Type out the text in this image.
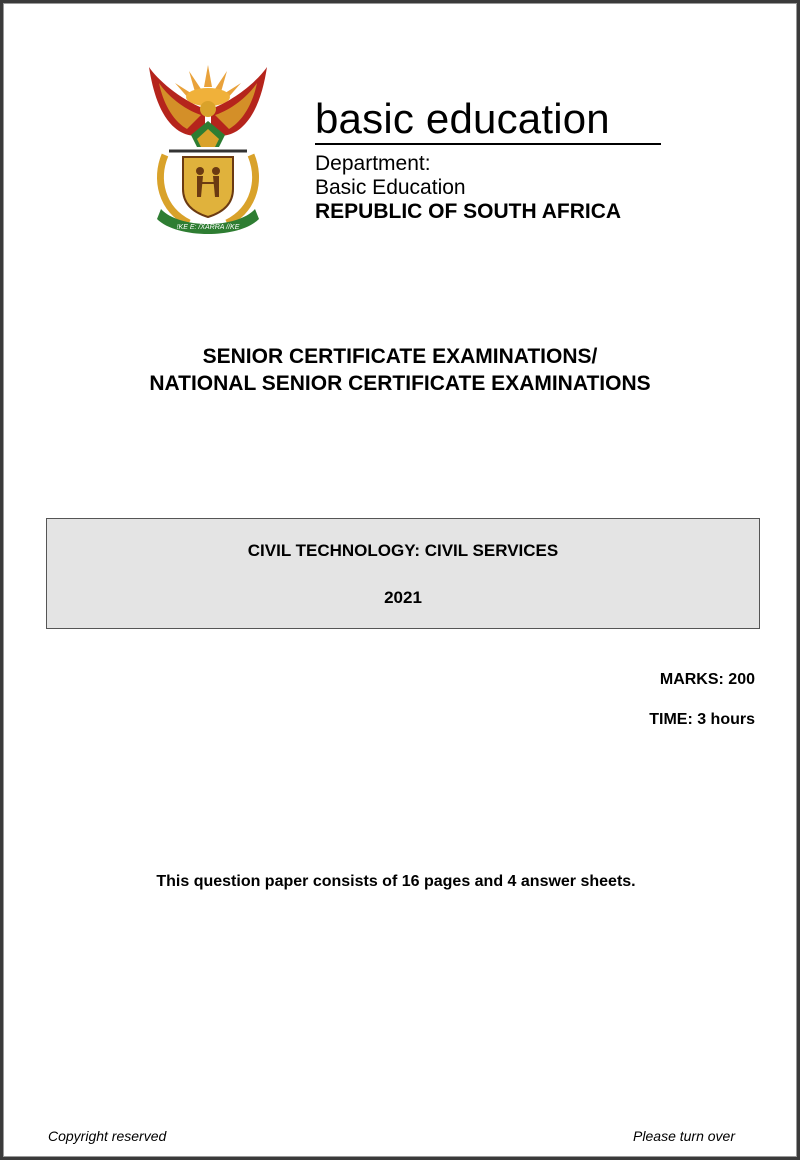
!KE E: /XARRA //KE
basic education
Department:
Basic Education
REPUBLIC OF SOUTH AFRICA
SENIOR CERTIFICATE EXAMINATIONS/
NATIONAL SENIOR CERTIFICATE EXAMINATIONS
CIVIL TECHNOLOGY: CIVIL SERVICES
2021
MARKS: 200
TIME: 3 hours
This question paper consists of 16 pages and 4 answer sheets.
Copyright reserved	Please turn over
